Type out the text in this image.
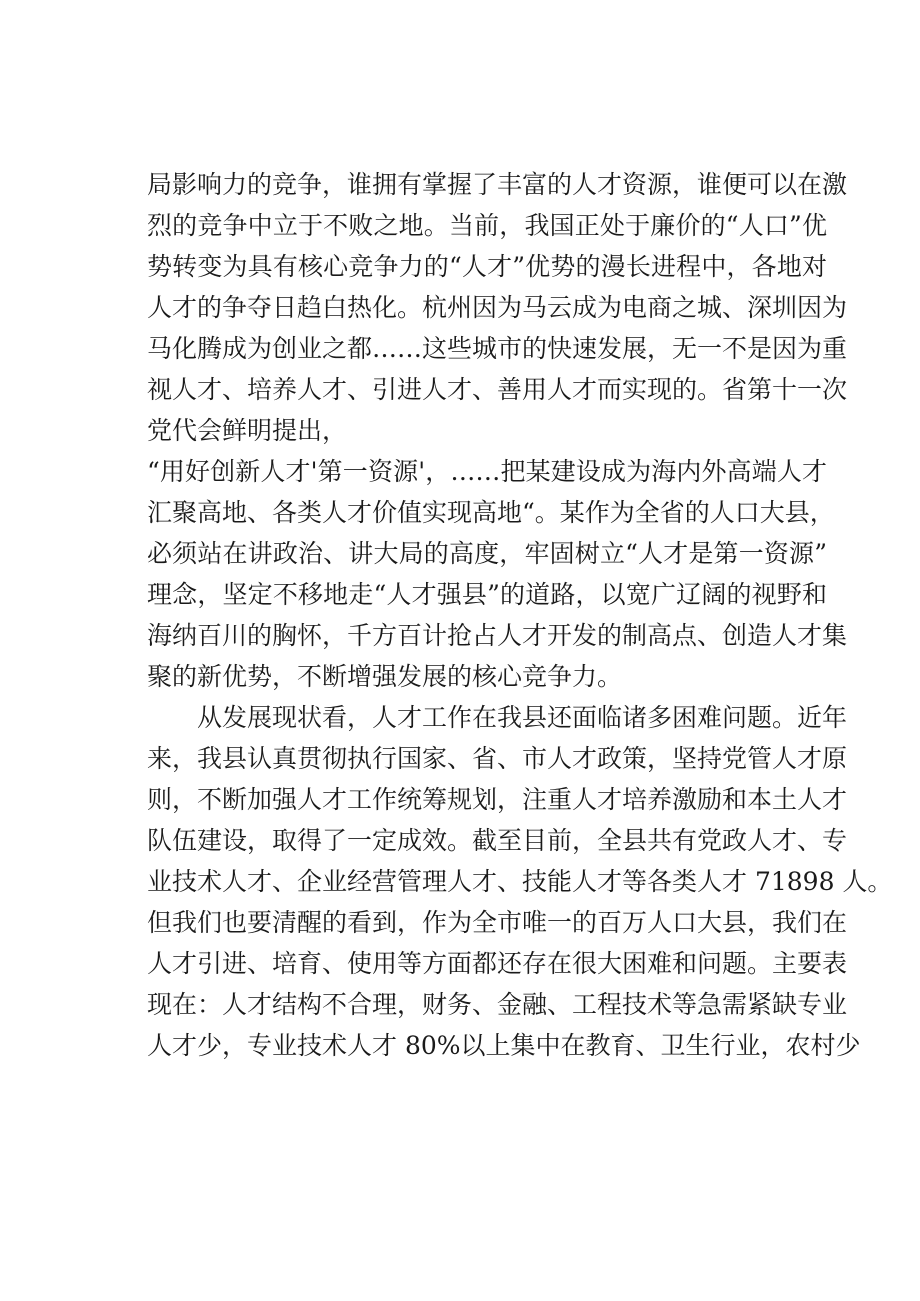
局影响力的竞争，谁拥有掌握了丰富的人才资源，谁便可以在激
烈的竞争中立于不败之地。当前，我国正处于廉价的“人口”优
势转变为具有核心竞争力的“人才”优势的漫长进程中，各地对
人才的争夺日趋白热化。杭州因为马云成为电商之城、深圳因为
马化腾成为创业之都……这些城市的快速发展，无一不是因为重
视人才、培养人才、引进人才、善用人才而实现的。省第十一次
党代会鲜明提出，
“用好创新人才'第一资源'，……把某建设成为海内外高端人才
汇聚高地、各类人才价值实现高地“。某作为全省的人口大县，
必须站在讲政治、讲大局的高度，牢固树立“人才是第一资源”
理念，坚定不移地走“人才强县”的道路，以宽广辽阔的视野和
海纳百川的胸怀，千方百计抢占人才开发的制高点、创造人才集
聚的新优势，不断增强发展的核心竞争力。
从发展现状看，人才工作在我县还面临诸多困难问题。近年
来，我县认真贯彻执行国家、省、市人才政策，坚持党管人才原
则，不断加强人才工作统筹规划，注重人才培养激励和本土人才
队伍建设，取得了一定成效。截至目前，全县共有党政人才、专
业技术人才、企业经营管理人才、技能人才等各类人才 71898 人。
但我们也要清醒的看到，作为全市唯一的百万人口大县，我们在
人才引进、培育、使用等方面都还存在很大困难和问题。主要表
现在：人才结构不合理，财务、金融、工程技术等急需紧缺专业
人才少，专业技术人才 80%以上集中在教育、卫生行业，农村少
